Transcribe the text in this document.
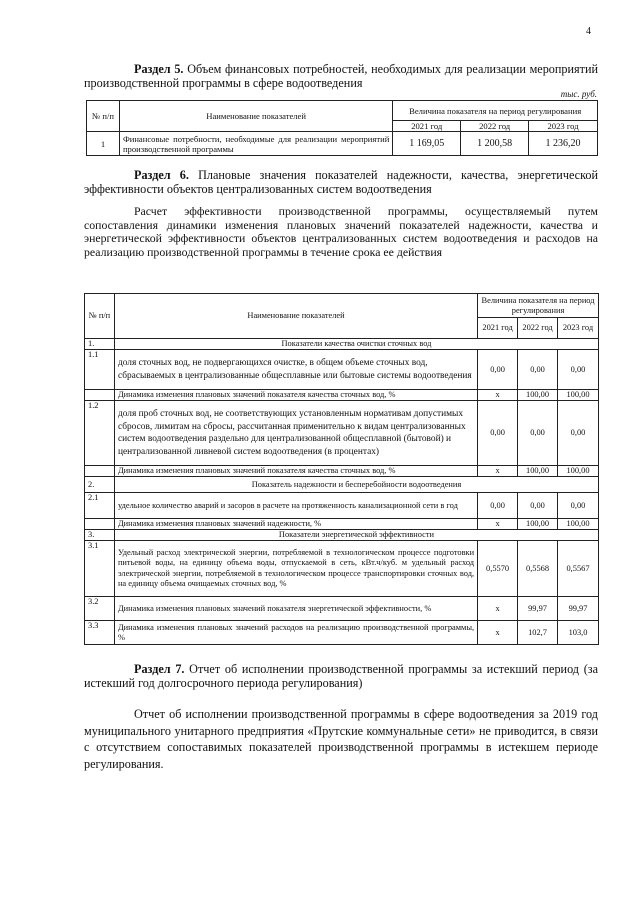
4
Раздел 5. Объем финансовых потребностей, необходимых для реализации мероприятий производственной программы в сфере водоотведения
тыс. руб.
№ п/п	Наименование показателей	Величина показателя на период регулирования		
		2021 год	2022 год	2023 год
1	Финансовые потребности, необходимые для реализации мероприятий производственной программы	1 169,05	1 200,58	1 236,20
Раздел 6. Плановые значения показателей надежности, качества, энергетической эффективности объектов централизованных систем водоотведения
Расчет эффективности производственной программы, осуществляемый путем сопоставления динамики изменения плановых значений показателей надежности, качества и энергетической эффективности объектов централизованных систем водоотведения и расходов на реализацию производственной программы в течение срока ее действия
№ п/п	Наименование показателей	Величина показателя на период регулирования		
		2021 год	2022 год	2023 год
1.	Показатели качества очистки сточных вод			
1.1	доля сточных вод, не подвергающихся очистке, в общем объеме сточных вод, сбрасываемых в централизованные общесплавные или бытовые системы водоотведения	0,00	0,00	0,00
	Динамика изменения плановых значений показателя качества сточных вод, %	x	100,00	100,00
1.2	доля проб сточных вод, не соответствующих установленным нормативам допустимых сбросов, лимитам на сбросы, рассчитанная применительно к видам централизованных систем водоотведения раздельно для централизованной общесплавной (бытовой) и централизованной ливневой систем водоотведения (в процентах)	0,00	0,00	0,00
	Динамика изменения плановых значений показателя качества сточных вод, %	x	100,00	100,00
2.	Показатель надежности и бесперебойности водоотведения			
2.1	удельное количество аварий и засоров в расчете на протяженность канализационной сети в год	0,00	0,00	0,00
	Динамика изменения плановых значений надежности, %	x	100,00	100,00
3.	Показатели энергетической эффективности			
3.1	Удельный расход электрической энергии, потребляемой в технологическом процессе подготовки питьевой воды, на единицу объема воды, отпускаемой в сеть, кВт.ч/куб. м удельный расход электрической энергии, потребляемой в технологическом процессе транспортировки сточных вод, на единицу объема очищаемых сточных вод, %	0,5570	0,5568	0,5567
3.2	Динамика изменения плановых значений показателя энергетической эффективности, %	x	99,97	99,97
3.3	Динамика изменения плановых значений расходов на реализацию производственной программы, %	x	102,7	103,0
Раздел 7. Отчет об исполнении производственной программы за истекший период (за истекший год долгосрочного периода регулирования)
Отчет об исполнении производственной программы в сфере водоотведения за 2019 год муниципального унитарного предприятия «Прутские коммунальные сети» не приводится, в связи с отсутствием сопоставимых показателей производственной программы в истекшем периоде регулирования.
